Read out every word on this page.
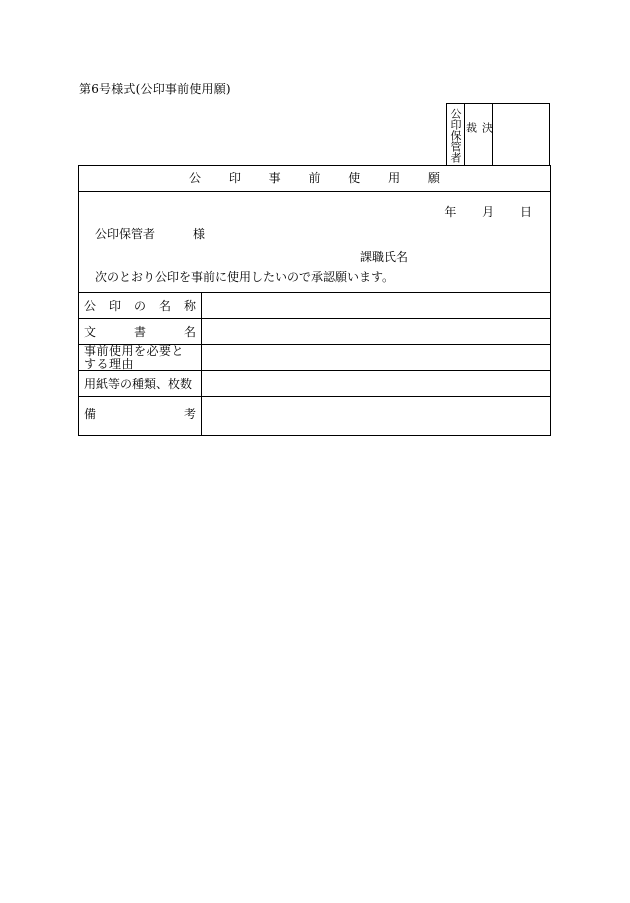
第6号様式(公印事前使用願)
公印保管者	決裁
公 印 事 前 使 用 願
年 月 日
公印保管者	様
課職氏名
次のとおり公印を事前に使用したいので承認願います。
公印の名称
文書名
事前使用を必要とする理由
用紙等の種類、枚数
備考
